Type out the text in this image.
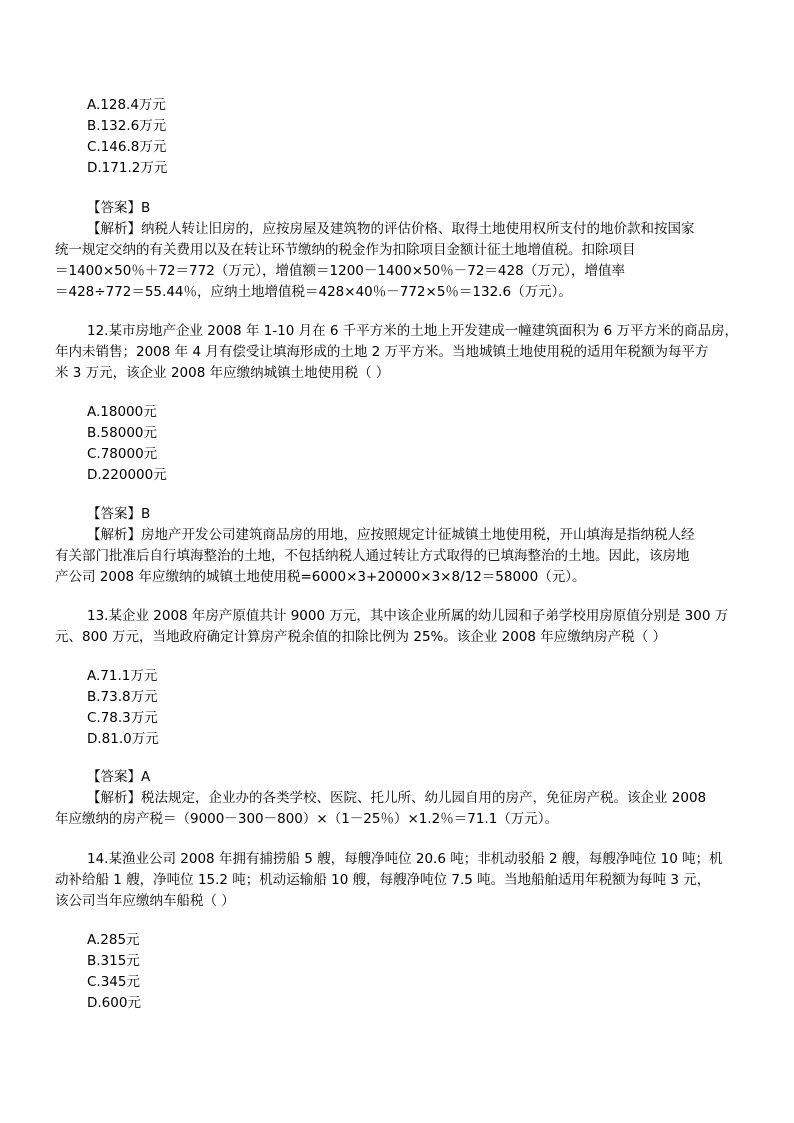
A.128.4万元
B.132.6万元
C.146.8万元
D.171.2万元
【答案】B
【解析】纳税人转让旧房的，应按房屋及建筑物的评估价格、取得土地使用权所支付的地价款和按国家
统一规定交纳的有关费用以及在转让环节缴纳的税金作为扣除项目金额计征土地增值税。扣除项目
＝1400×50％＋72＝772（万元），增值额＝1200－1400×50％－72＝428（万元），增值率
＝428÷772＝55.44％，应纳土地增值税＝428×40％－772×5％＝132.6（万元）。
12.某市房地产企业 2008 年 1-10 月在 6 千平方米的土地上开发建成一幢建筑面积为 6 万平方米的商品房，
年内未销售；2008 年 4 月有偿受让填海形成的土地 2 万平方米。当地城镇土地使用税的适用年税额为每平方
米 3 万元，该企业 2008 年应缴纳城镇土地使用税（ ）
A.18000元
B.58000元
C.78000元
D.220000元
【答案】B
【解析】房地产开发公司建筑商品房的用地，应按照规定计征城镇土地使用税，开山填海是指纳税人经
有关部门批准后自行填海整治的土地，不包括纳税人通过转让方式取得的已填海整治的土地。因此，该房地
产公司 2008 年应缴纳的城镇土地使用税=6000×3+20000×3×8/12＝58000（元）。
13.某企业 2008 年房产原值共计 9000 万元，其中该企业所属的幼儿园和子弟学校用房原值分别是 300 万
元、800 万元，当地政府确定计算房产税余值的扣除比例为 25%。该企业 2008 年应缴纳房产税（ ）
A.71.1万元
B.73.8万元
C.78.3万元
D.81.0万元
【答案】A
【解析】税法规定，企业办的各类学校、医院、托儿所、幼儿园自用的房产，免征房产税。该企业 2008
年应缴纳的房产税＝（9000－300－800）×（1－25％）×1.2％＝71.1（万元）。
14.某渔业公司 2008 年拥有捕捞船 5 艘，每艘净吨位 20.6 吨；非机动驳船 2 艘，每艘净吨位 10 吨；机
动补给船 1 艘，净吨位 15.2 吨；机动运输船 10 艘，每艘净吨位 7.5 吨。当地船舶适用年税额为每吨 3 元，
该公司当年应缴纳车船税（ ）
A.285元
B.315元
C.345元
D.600元
